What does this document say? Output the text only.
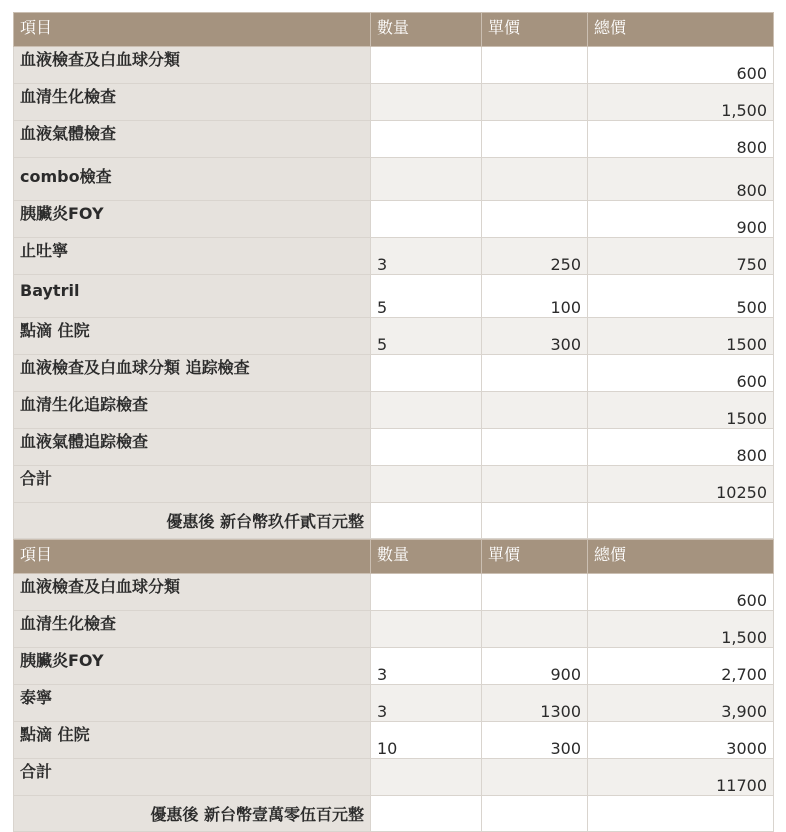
項目	數量	單價	總價
血液檢查及白血球分類			600
血清生化檢查			1,500
血液氣體檢查			800
combo檢查			800
胰臟炎FOY			900
止吐寧	3	250	750
Baytril	5	100	500
點滴 住院	5	300	1500
血液檢查及白血球分類 追踪檢查			600
血清生化追踪檢查			1500
血液氣體追踪檢查			800
合計			10250
優惠後 新台幣玖仟貳百元整			
項目	數量	單價	總價
血液檢查及白血球分類			600
血清生化檢查			1,500
胰臟炎FOY	3	900	2,700
泰寧	3	1300	3,900
點滴 住院	10	300	3000
合計			11700
優惠後 新台幣壹萬零伍百元整			
